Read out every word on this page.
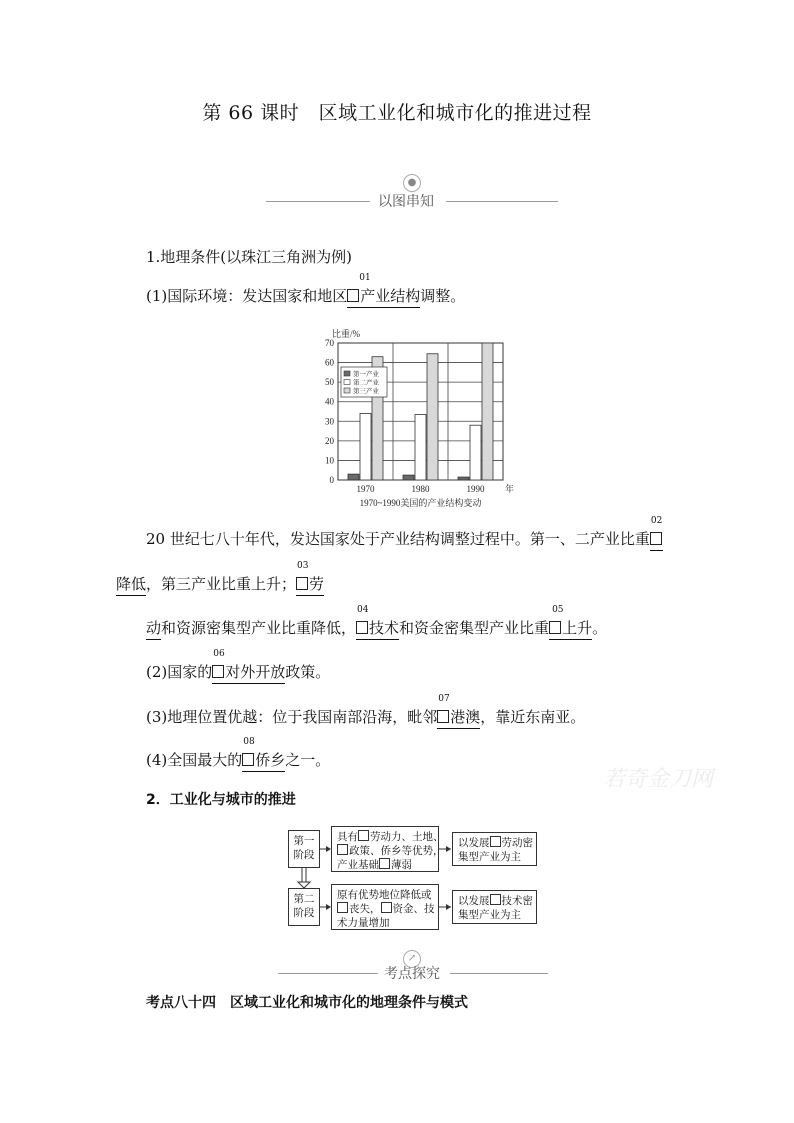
第 66 课时　区域工业化和城市化的推进过程
●
以图串知
1.地理条件(以珠江三角洲为例)
(1)国际环境：发达国家和地区
01
产业结构调整。
0
10
20
30
40
50
60
70
1970	1980	1990
比重/%
年
1970~1990美国的产业结构变动
第一产业
第二产业
第三产业
20 世纪七八十年代，发达国家处于产业结构调整过程中。第一、二产业比重
02
降低，第三产业比重上升；
03
劳
动和资源密集型产业比重降低，
04
技术和资金密集型产业比重
05
上升。
(2)国家的
06
对外开放政策。
(3)地理位置优越：位于我国南部沿海，毗邻
07
港澳，靠近东南亚。
(4)全国最大的
08
侨乡之一。
若奇金刀网
2．工业化与城市的推进
第一阶段
具有 劳动力、土地、
政策、侨乡等优势，
产业基础 薄弱
以发展 劳动密
集型产业为主
第二阶段
原有优势地位降低或
丧失， 资金、技
术力量增加
以发展 技术密
集型产业为主
↗
考点探究
考点八十四　区域工业化和城市化的地理条件与模式
